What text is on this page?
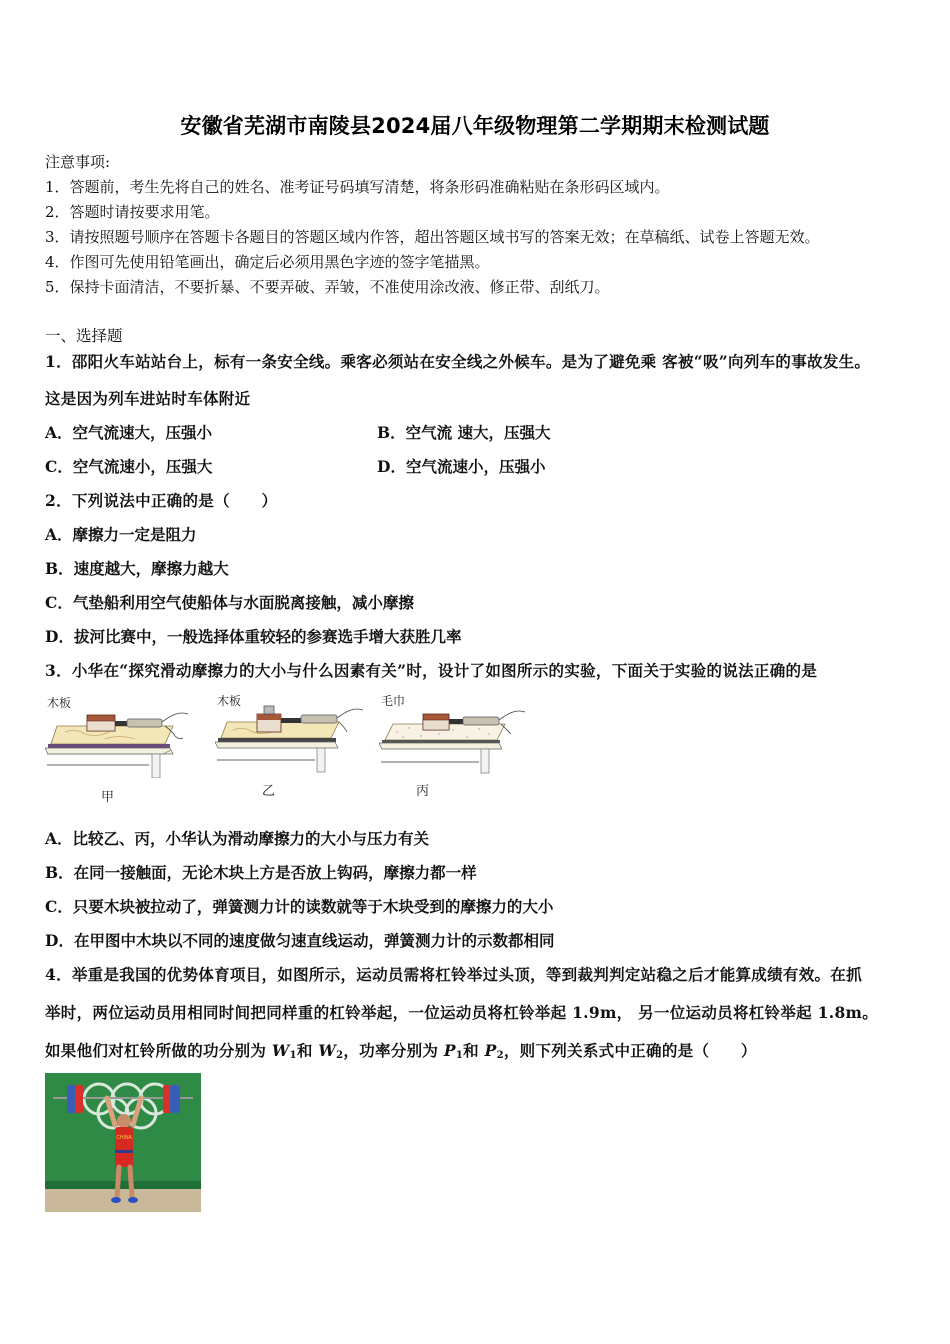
安徽省芜湖市南陵县2024届八年级物理第二学期期末检测试题
注意事项:
1．答题前，考生先将自己的姓名、准考证号码填写清楚，将条形码准确粘贴在条形码区域内。
2．答题时请按要求用笔。
3．请按照题号顺序在答题卡各题目的答题区域内作答，超出答题区域书写的答案无效；在草稿纸、试卷上答题无效。
4．作图可先使用铅笔画出，确定后必须用黑色字迹的签字笔描黑。
5．保持卡面清洁，不要折暴、不要弄破、弄皱，不准使用涂改液、修正带、刮纸刀。
一、选择题
1．邵阳火车站站台上，标有一条安全线。乘客必须站在安全线之外候车。是为了避免乘 客被“吸”向列车的事故发生。
这是因为列车进站时车体附近
A．空气流速大，压强小	B．空气流 速大，压强大
C．空气流速小，压强大	D．空气流速小，压强小
2．下列说法中正确的是（　　）
A．摩擦力一定是阻力
B．速度越大，摩擦力越大
C．气垫船利用空气使船体与水面脱离接触，减小摩擦
D．拔河比赛中，一般选择体重较轻的参赛选手增大获胜几率
3．小华在“探究滑动摩擦力的大小与什么因素有关”时，设计了如图所示的实验，下面关于实验的说法正确的是
木板
甲
木板
乙
毛巾
丙
A．比较乙、丙，小华认为滑动摩擦力的大小与压力有关
B．在同一接触面，无论木块上方是否放上钩码，摩擦力都一样
C．只要木块被拉动了，弹簧测力计的读数就等于木块受到的摩擦力的大小
D．在甲图中木块以不同的速度做匀速直线运动，弹簧测力计的示数都相同
4．举重是我国的优势体育项目，如图所示，运动员需将杠铃举过头顶，等到裁判判定站稳之后才能算成绩有效。在抓
举时，两位运动员用相同时间把同样重的杠铃举起，一位运动员将杠铃举起 1.9m， 另一位运动员将杠铃举起 1.8m。
如果他们对杠铃所做的功分别为 $W_1$和 $W_2$，功率分别为 $P_1$和 $P_2$，则下列关系式中正确的是（　　）
CHINA
